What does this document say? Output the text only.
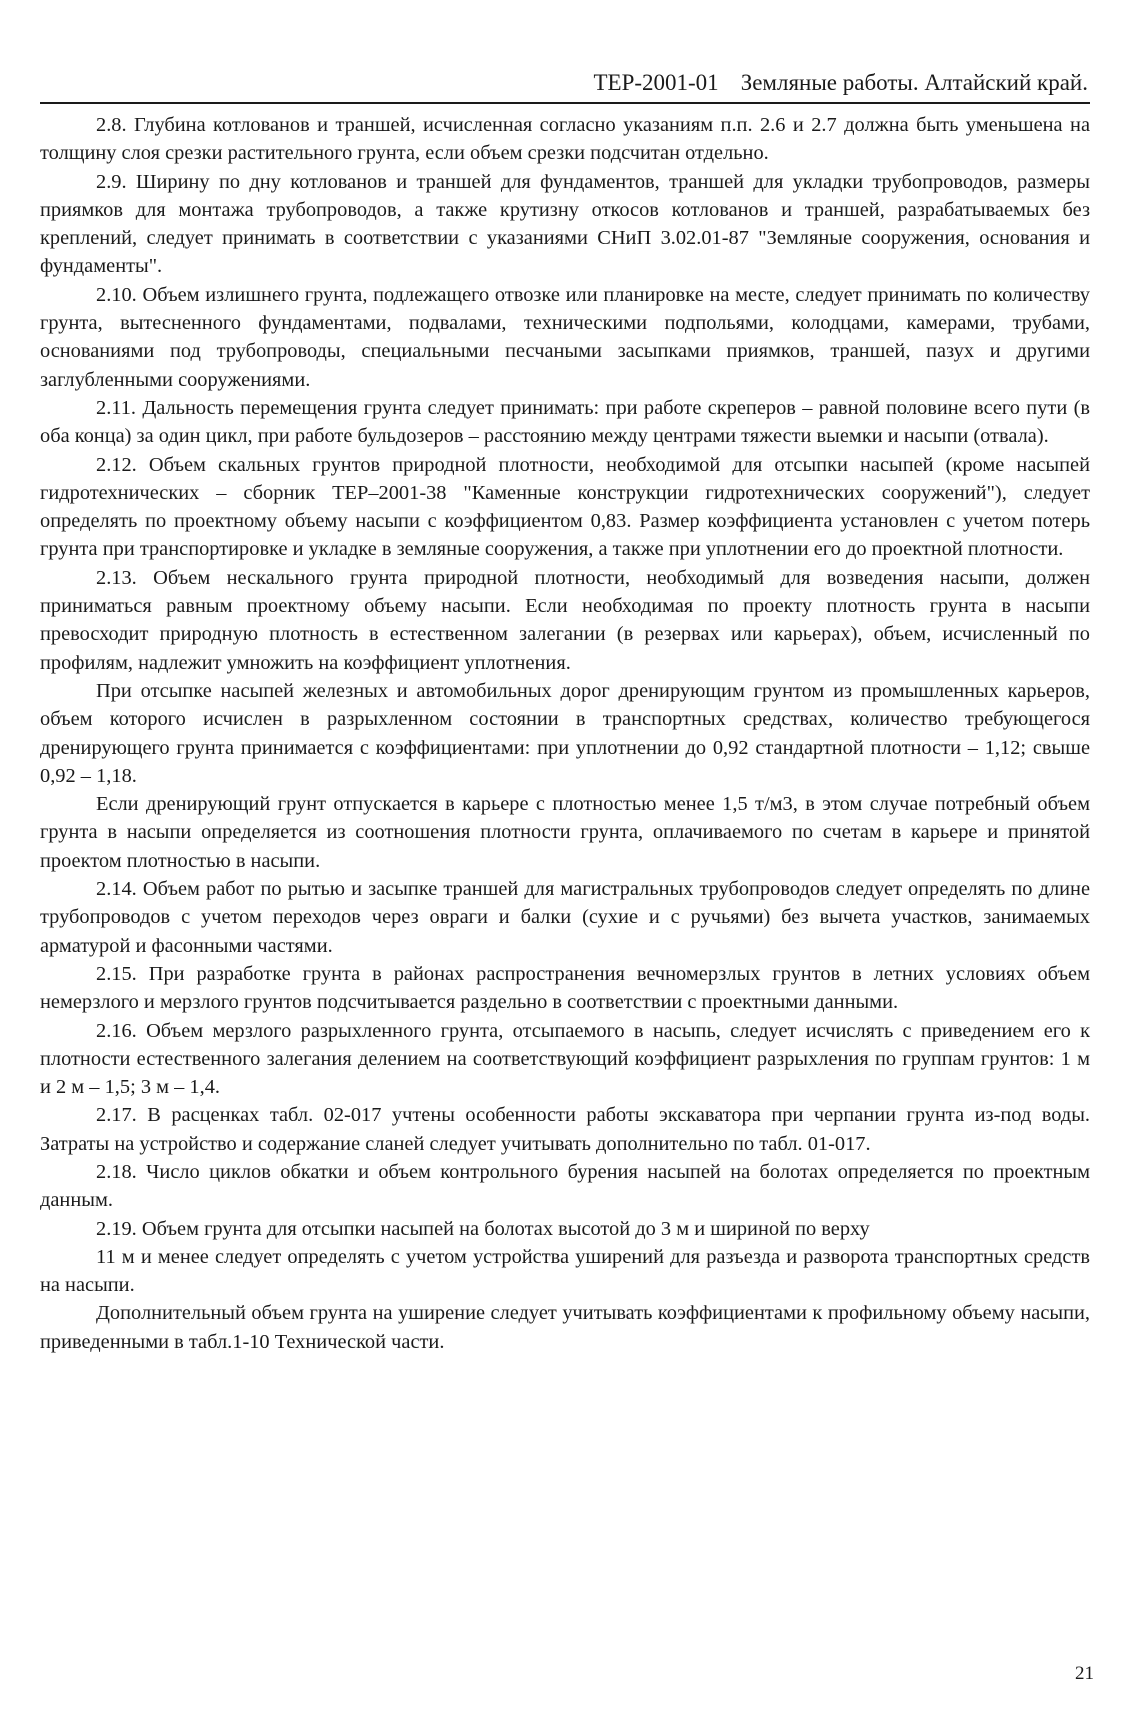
ТЕР-2001-01 Земляные работы. Алтайский край.

2.8. Глубина котлованов и траншей, исчисленная согласно указаниям п.п. 2.6 и 2.7 должна быть уменьшена на толщину слоя срезки растительного грунта, если объем срезки подсчитан отдельно.

2.9. Ширину по дну котлованов и траншей для фундаментов, траншей для укладки трубопроводов, размеры приямков для монтажа трубопроводов, а также крутизну откосов котлованов и траншей, разрабатываемых без креплений, следует принимать в соответствии с указаниями СНиП 3.02.01-87 "Земляные сооружения, основания и фундаменты".

2.10. Объем излишнего грунта, подлежащего отвозке или планировке на месте, следует принимать по количеству грунта, вытесненного фундаментами, подвалами, техническими подпольями, колодцами, камерами, трубами, основаниями под трубопроводы, специальными песчаными засыпками приямков, траншей, пазух и другими заглубленными сооружениями.

2.11. Дальность перемещения грунта следует принимать: при работе скреперов – равной половине всего пути (в оба конца) за один цикл, при работе бульдозеров – расстоянию между центрами тяжести выемки и насыпи (отвала).

2.12. Объем скальных грунтов природной плотности, необходимой для отсыпки насыпей (кроме насыпей гидротехнических – сборник ТЕР–2001-38 "Каменные конструкции гидротехнических сооружений"), следует определять по проектному объему насыпи с коэффициентом 0,83. Размер коэффициента установлен с учетом потерь грунта при транспортировке и укладке в земляные сооружения, а также при уплотнении его до проектной плотности.

2.13. Объем нескального грунта природной плотности, необходимый для возведения насыпи, должен приниматься равным проектному объему насыпи. Если необходимая по проекту плотность грунта в насыпи превосходит природную плотность в естественном залегании (в резервах или карьерах), объем, исчисленный по профилям, надлежит умножить на коэффициент уплотнения.

При отсыпке насыпей железных и автомобильных дорог дренирующим грунтом из промышленных карьеров, объем которого исчислен в разрыхленном состоянии в транспортных средствах, количество требующегося дренирующего грунта принимается с коэффициентами: при уплотнении до 0,92 стандартной плотности – 1,12; свыше 0,92 – 1,18.

Если дренирующий грунт отпускается в карьере с плотностью менее 1,5 т/м3, в этом случае потребный объем грунта в насыпи определяется из соотношения плотности грунта, оплачиваемого по счетам в карьере и принятой проектом плотностью в насыпи.

2.14. Объем работ по рытью и засыпке траншей для магистральных трубопроводов следует определять по длине трубопроводов с учетом переходов через овраги и балки (сухие и с ручьями) без вычета участков, занимаемых арматурой и фасонными частями.

2.15. При разработке грунта в районах распространения вечномерзлых грунтов в летних условиях объем немерзлого и мерзлого грунтов подсчитывается раздельно в соответствии с проектными данными.

2.16. Объем мерзлого разрыхленного грунта, отсыпаемого в насыпь, следует исчислять с приведением его к плотности естественного залегания делением на соответствующий коэффициент разрыхления по группам грунтов: 1 м и 2 м – 1,5; 3 м – 1,4.

2.17. В расценках табл. 02-017 учтены особенности работы экскаватора при черпании грунта из-под воды. Затраты на устройство и содержание сланей следует учитывать дополнительно по табл. 01-017.

2.18. Число циклов обкатки и объем контрольного бурения насыпей на болотах определяется по проектным данным.

2.19. Объем грунта для отсыпки насыпей на болотах высотой до 3 м и шириной по верху

11 м и менее следует определять с учетом устройства уширений для разъезда и разворота транспортных средств на насыпи.

Дополнительный объем грунта на уширение следует учитывать коэффициентами к профильному объему насыпи, приведенными в табл.1-10 Технической части.

21
